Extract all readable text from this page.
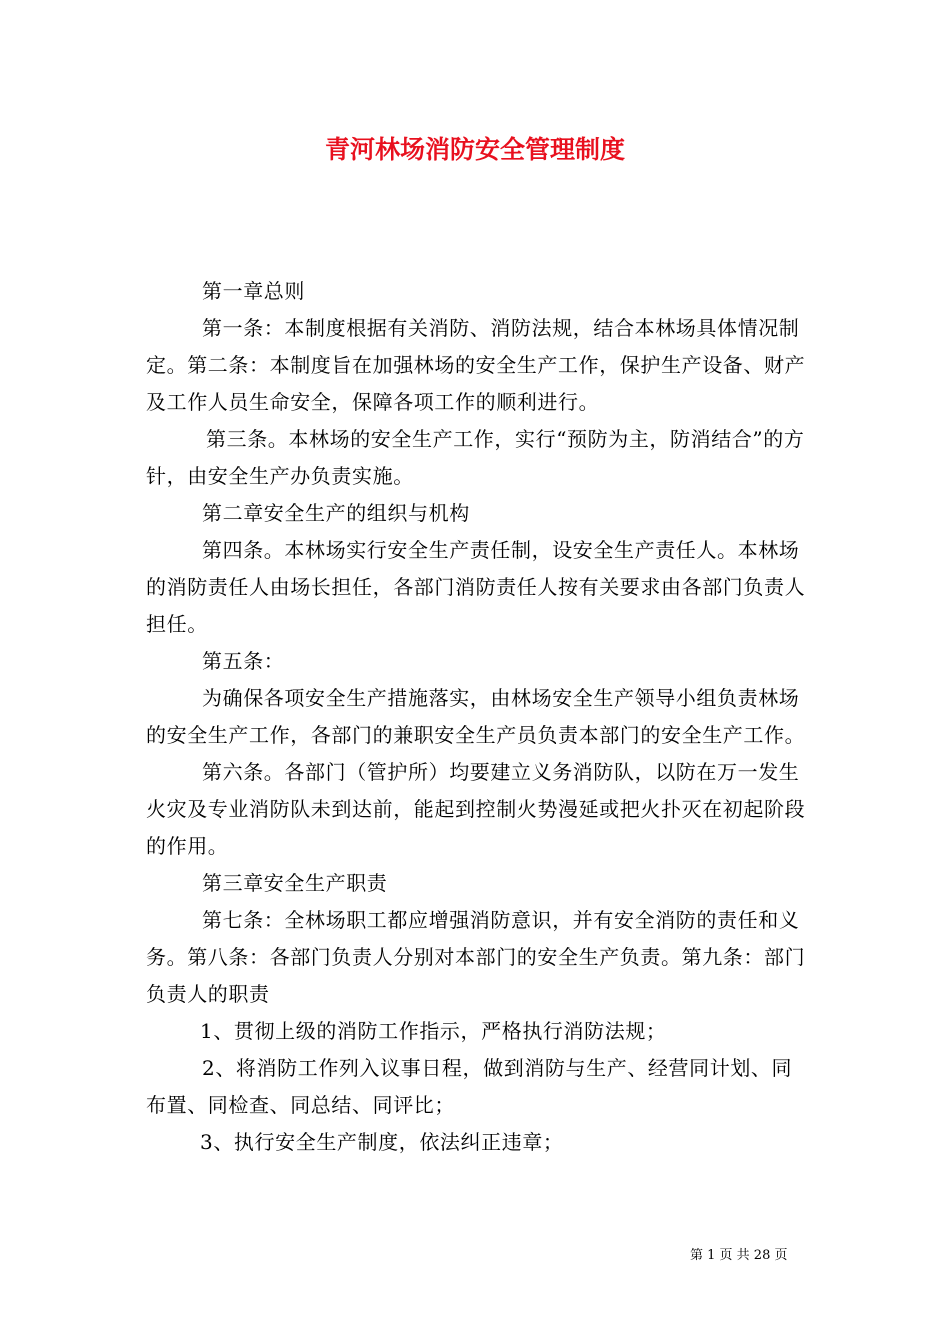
青河林场消防安全管理制度

第一章总则

第一条：本制度根据有关消防、消防法规，结合本林场具体情况制定。第二条：本制度旨在加强林场的安全生产工作，保护生产设备、财产及工作人员生命安全，保障各项工作的顺利进行。

第三条。本林场的安全生产工作，实行“预防为主，防消结合”的方针，由安全生产办负责实施。

第二章安全生产的组织与机构

第四条。本林场实行安全生产责任制，设安全生产责任人。本林场的消防责任人由场长担任，各部门消防责任人按有关要求由各部门负责人担任。

第五条：

为确保各项安全生产措施落实，由林场安全生产领导小组负责林场的安全生产工作，各部门的兼职安全生产员负责本部门的安全生产工作。

第六条。各部门（管护所）均要建立义务消防队，以防在万一发生火灾及专业消防队未到达前，能起到控制火势漫延或把火扑灭在初起阶段的作用。

第三章安全生产职责

第七条：全林场职工都应增强消防意识，并有安全消防的责任和义务。第八条：各部门负责人分别对本部门的安全生产负责。第九条：部门负责人的职责

1、贯彻上级的消防工作指示，严格执行消防法规；

2、将消防工作列入议事日程，做到消防与生产、经营同计划、同布置、同检查、同总结、同评比；

3、执行安全生产制度，依法纠正违章；

第 1 页 共 28 页
